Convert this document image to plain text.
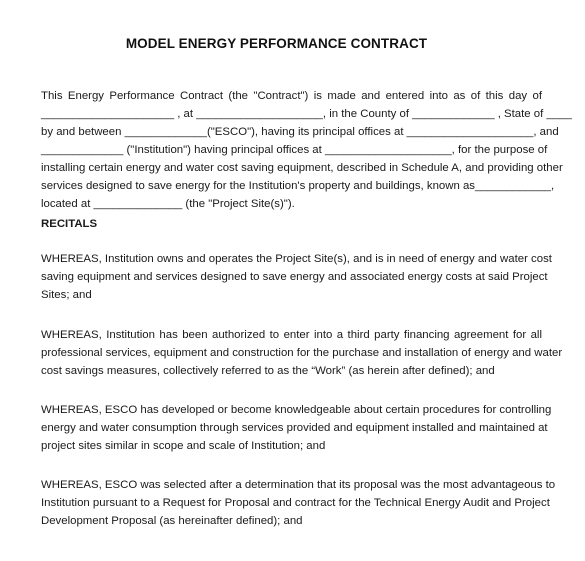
MODEL ENERGY PERFORMANCE CONTRACT
This Energy Performance Contract (the "Contract") is made and entered into as of this day of
_____________________ , at ____________________, in the County of _____________ , State of ____
by and between _____________("ESCO"), having its principal offices at ____________________, and
_____________ ("Institution") having principal offices at ____________________, for the purpose of
installing certain energy and water cost saving equipment, described in Schedule A, and providing other
services designed to save energy for the Institution's property and buildings, known as____________,
located at ______________ (the "Project Site(s)").
RECITALS
WHEREAS, Institution owns and operates the Project Site(s), and is in need of energy and water cost
saving equipment and services designed to save energy and associated energy costs at said Project
Sites; and
WHEREAS, Institution has been authorized to enter into a third party financing agreement for all
professional services, equipment and construction for the purchase and installation of energy and water
cost savings measures, collectively referred to as the “Work” (as herein after defined); and
WHEREAS, ESCO has developed or become knowledgeable about certain procedures for controlling
energy and water consumption through services provided and equipment installed and maintained at
project sites similar in scope and scale of Institution; and
WHEREAS, ESCO was selected after a determination that its proposal was the most advantageous to
Institution pursuant to a Request for Proposal and contract for the Technical Energy Audit and Project
Development Proposal (as hereinafter defined); and
